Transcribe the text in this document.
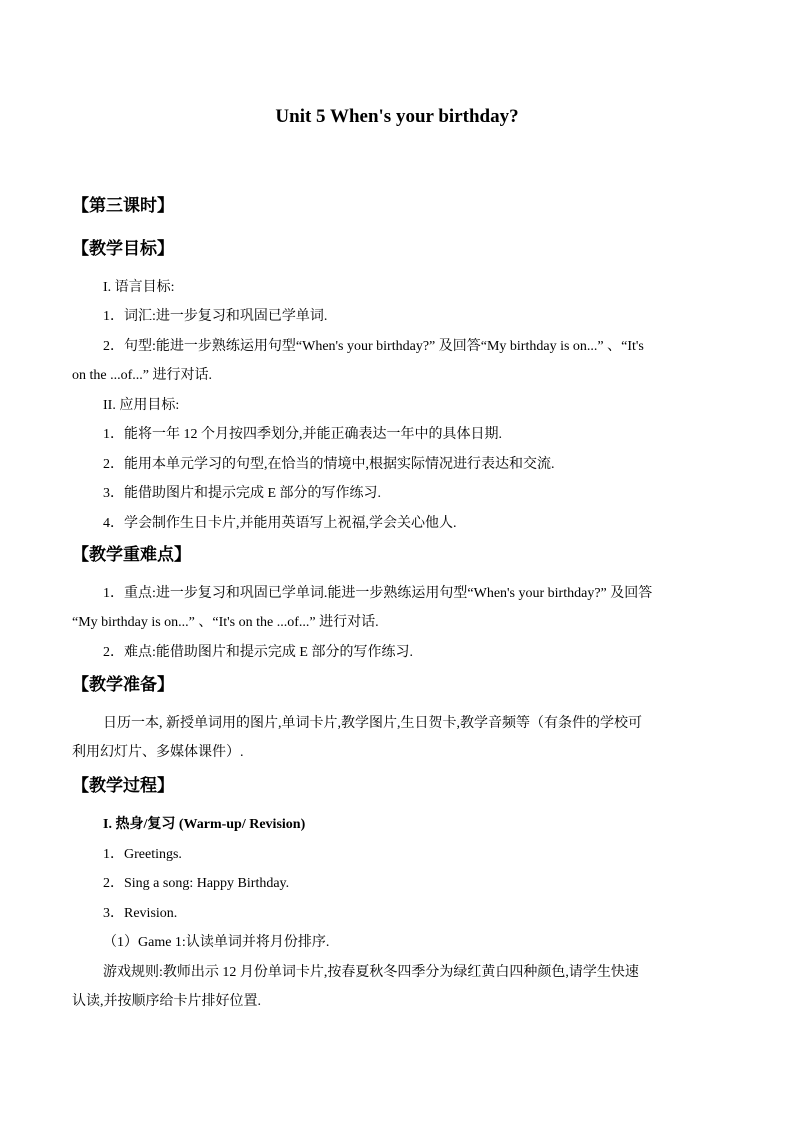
Unit 5 When's your birthday?
【第三课时】
【教学目标】
I. 语言目标:
1．词汇:进一步复习和巩固已学单词.
2．句型:能进一步熟练运用句型“When's your birthday?” 及回答“My birthday is on...” 、“It's
on the ...of...” 进行对话.
II. 应用目标:
1．能将一年 12 个月按四季划分,并能正确表达一年中的具体日期.
2．能用本单元学习的句型,在恰当的情境中,根据实际情况进行表达和交流.
3．能借助图片和提示完成 E 部分的写作练习.
4．学会制作生日卡片,并能用英语写上祝福,学会关心他人.
【教学重难点】
1．重点:进一步复习和巩固已学单词.能进一步熟练运用句型“When's your birthday?” 及回答
“My birthday is on...” 、“It's on the ...of...” 进行对话.
2．难点:能借助图片和提示完成 E 部分的写作练习.
【教学准备】
日历一本, 新授单词用的图片,单词卡片,教学图片,生日贺卡,教学音频等（有条件的学校可
利用幻灯片、多媒体课件）.
【教学过程】
I. 热身/复习 (Warm-up/ Revision)
1．Greetings.
2．Sing a song: Happy Birthday.
3．Revision.
（1）Game 1:认读单词并将月份排序.
游戏规则:教师出示 12 月份单词卡片,按春夏秋冬四季分为绿红黄白四种颜色,请学生快速
认读,并按顺序给卡片排好位置.
